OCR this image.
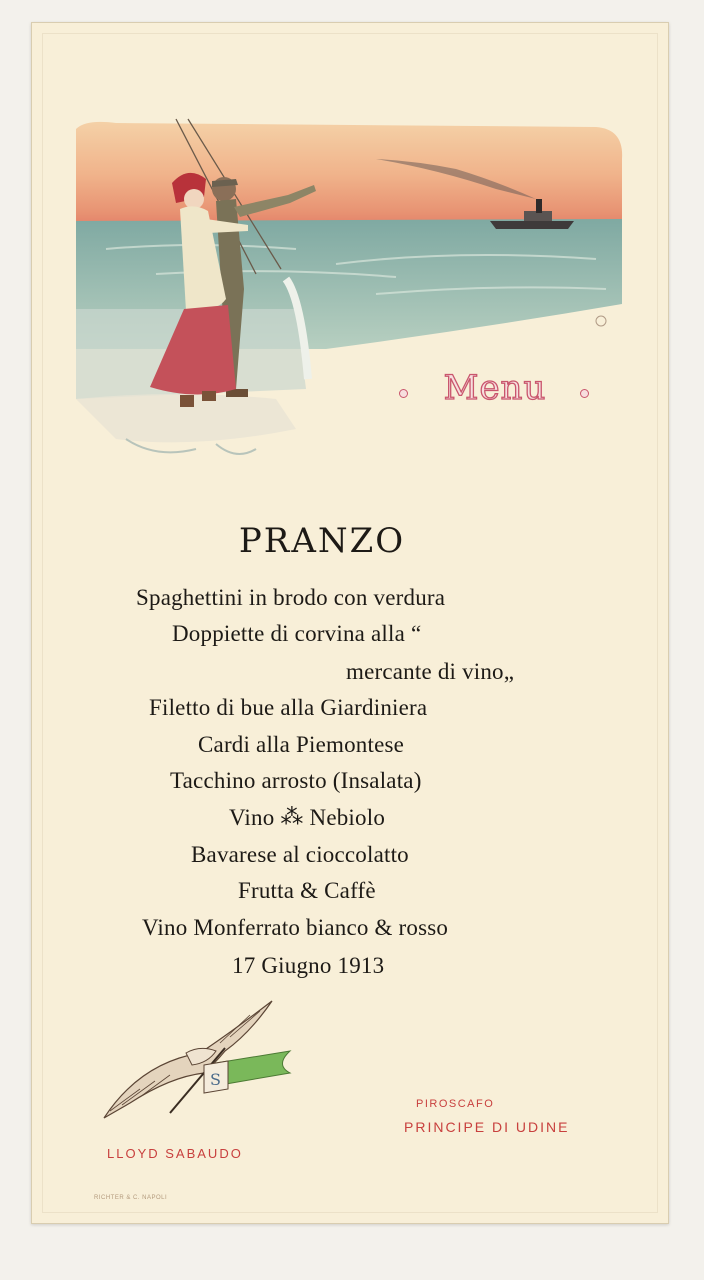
Menu
PRANZO
Spaghettini in brodo con verdura
Doppiette di corvina alla “
mercante di vino„
Filetto di bue alla Giardiniera
Cardi alla Piemontese
Tacchino arrosto (Insalata)
Vino ⁂ Nebiolo
Bavarese al cioccolatto
Frutta & Caffè
Vino Monferrato bianco & rosso
17 Giugno 1913
S
LLOYD SABAUDO
PIROSCAFO
PRINCIPE DI UDINE
RICHTER & C. NAPOLI
